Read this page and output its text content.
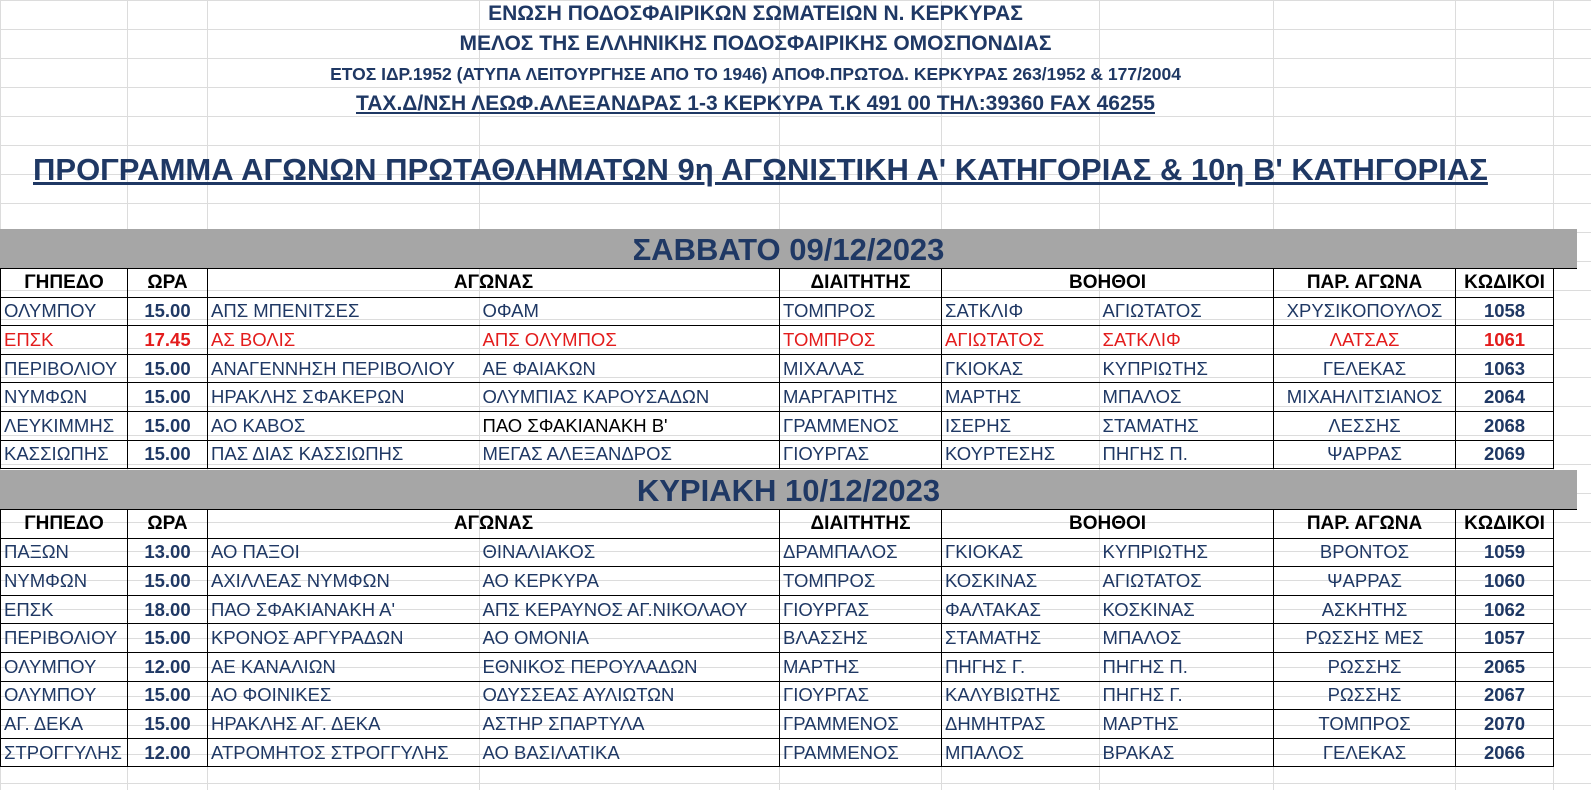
ΕΝΩΣΗ ΠΟΔΟΣΦΑΙΡΙΚΩΝ ΣΩΜΑΤΕΙΩΝ Ν. ΚΕΡΚΥΡΑΣ
ΜΕΛΟΣ ΤΗΣ ΕΛΛΗΝΙΚΗΣ ΠΟΔΟΣΦΑΙΡΙΚΗΣ ΟΜΟΣΠΟΝΔΙΑΣ
ΕΤΟΣ ΙΔΡ.1952 (ΑΤΥΠΑ ΛΕΙΤΟΥΡΓΗΣΕ ΑΠΟ ΤΟ 1946) ΑΠΟΦ.ΠΡΩΤΟΔ. ΚΕΡΚΥΡΑΣ 263/1952 & 177/2004
ΤΑΧ.Δ/ΝΣΗ ΛΕΩΦ.ΑΛΕΞΑΝΔΡΑΣ 1-3 ΚΕΡΚΥΡΑ Τ.Κ 491 00 ΤΗΛ:39360 FAX 46255
ΠΡΟΓΡΑΜΜΑ ΑΓΩΝΩΝ ΠΡΩΤΑΘΛΗΜΑΤΩΝ 9η ΑΓΩΝΙΣΤΙΚΗ Α' ΚΑΤΗΓΟΡΙΑΣ & 10η Β' ΚΑΤΗΓΟΡΙΑΣ
ΣΑΒΒΑΤΟ 09/12/2023
ΓΗΠΕΔΟ	ΩΡΑ	ΑΓΩΝΑΣ		ΔΙΑΙΤΗΤΗΣ	ΒΟΗΘΟΙ		ΠΑΡ. ΑΓΩΝΑ	ΚΩΔΙΚΟΙ
ΟΛΥΜΠΟΥ	15.00	ΑΠΣ ΜΠΕΝΙΤΣΕΣ	ΟΦΑΜ	ΤΟΜΠΡΟΣ	ΣΑΤΚΛΙΦ	ΑΓΙΩΤΑΤΟΣ	ΧΡΥΣΙΚΟΠΟΥΛΟΣ	1058
ΕΠΣΚ	17.45	ΑΣ ΒΟΛΙΣ	ΑΠΣ ΟΛΥΜΠΟΣ	ΤΟΜΠΡΟΣ	ΑΓΙΩΤΑΤΟΣ	ΣΑΤΚΛΙΦ	ΛΑΤΣΑΣ	1061
ΠΕΡΙΒΟΛΙΟΥ	15.00	ΑΝΑΓΕΝΝΗΣΗ ΠΕΡΙΒΟΛΙΟΥ	ΑΕ ΦΑΙΑΚΩΝ	ΜΙΧΑΛΑΣ	ΓΚΙΟΚΑΣ	ΚΥΠΡΙΩΤΗΣ	ΓΕΛΕΚΑΣ	1063
ΝΥΜΦΩΝ	15.00	ΗΡΑΚΛΗΣ ΣΦΑΚΕΡΩΝ	ΟΛΥΜΠΙΑΣ ΚΑΡΟΥΣΑΔΩΝ	ΜΑΡΓΑΡΙΤΗΣ	ΜΑΡΤΗΣ	ΜΠΑΛΟΣ	ΜΙΧΑΗΛΙΤΣΙΑΝΟΣ	2064
ΛΕΥΚΙΜΜΗΣ	15.00	ΑΟ ΚΑΒΟΣ	ΠΑΟ ΣΦΑΚΙΑΝΑΚΗ Β'	ΓΡΑΜΜΕΝΟΣ	ΙΣΕΡΗΣ	ΣΤΑΜΑΤΗΣ	ΛΕΣΣΗΣ	2068
ΚΑΣΣΙΩΠΗΣ	15.00	ΠΑΣ ΔΙΑΣ ΚΑΣΣΙΩΠΗΣ	ΜΕΓΑΣ ΑΛΕΞΑΝΔΡΟΣ	ΓΙΟΥΡΓΑΣ	ΚΟΥΡΤΕΣΗΣ	ΠΗΓΗΣ Π.	ΨΑΡΡΑΣ	2069
ΚΥΡΙΑΚΗ 10/12/2023
ΓΗΠΕΔΟ	ΩΡΑ	ΑΓΩΝΑΣ		ΔΙΑΙΤΗΤΗΣ	ΒΟΗΘΟΙ		ΠΑΡ. ΑΓΩΝΑ	ΚΩΔΙΚΟΙ
ΠΑΞΩΝ	13.00	ΑΟ ΠΑΞΟΙ	ΘΙΝΑΛΙΑΚΟΣ	ΔΡΑΜΠΑΛΟΣ	ΓΚΙΟΚΑΣ	ΚΥΠΡΙΩΤΗΣ	ΒΡΟΝΤΟΣ	1059
ΝΥΜΦΩΝ	15.00	ΑΧΙΛΛΕΑΣ ΝΥΜΦΩΝ	ΑΟ ΚΕΡΚΥΡΑ	ΤΟΜΠΡΟΣ	ΚΟΣΚΙΝΑΣ	ΑΓΙΩΤΑΤΟΣ	ΨΑΡΡΑΣ	1060
ΕΠΣΚ	18.00	ΠΑΟ ΣΦΑΚΙΑΝΑΚΗ Α'	ΑΠΣ ΚΕΡΑΥΝΟΣ ΑΓ.ΝΙΚΟΛΑΟΥ	ΓΙΟΥΡΓΑΣ	ΦΑΛΤΑΚΑΣ	ΚΟΣΚΙΝΑΣ	ΑΣΚΗΤΗΣ	1062
ΠΕΡΙΒΟΛΙΟΥ	15.00	ΚΡΟΝΟΣ ΑΡΓΥΡΑΔΩΝ	ΑΟ ΟΜΟΝΙΑ	ΒΛΑΣΣΗΣ	ΣΤΑΜΑΤΗΣ	ΜΠΑΛΟΣ	ΡΩΣΣΗΣ ΜΕΣ	1057
ΟΛΥΜΠΟΥ	12.00	ΑΕ ΚΑΝΑΛΙΩΝ	ΕΘΝΙΚΟΣ ΠΕΡΟΥΛΑΔΩΝ	ΜΑΡΤΗΣ	ΠΗΓΗΣ Γ.	ΠΗΓΗΣ Π.	ΡΩΣΣΗΣ	2065
ΟΛΥΜΠΟΥ	15.00	ΑΟ ΦΟΙΝΙΚΕΣ	ΟΔΥΣΣΕΑΣ ΑΥΛΙΩΤΩΝ	ΓΙΟΥΡΓΑΣ	ΚΑΛΥΒΙΩΤΗΣ	ΠΗΓΗΣ Γ.	ΡΩΣΣΗΣ	2067
ΑΓ. ΔΕΚΑ	15.00	ΗΡΑΚΛΗΣ ΑΓ. ΔΕΚΑ	ΑΣΤΗΡ ΣΠΑΡΤΥΛΑ	ΓΡΑΜΜΕΝΟΣ	ΔΗΜΗΤΡΑΣ	ΜΑΡΤΗΣ	ΤΟΜΠΡΟΣ	2070
ΣΤΡΟΓΓΥΛΗΣ	12.00	ΑΤΡΟΜΗΤΟΣ ΣΤΡΟΓΓΥΛΗΣ	ΑΟ ΒΑΣΙΛΑΤΙΚΑ	ΓΡΑΜΜΕΝΟΣ	ΜΠΑΛΟΣ	ΒΡΑΚΑΣ	ΓΕΛΕΚΑΣ	2066
